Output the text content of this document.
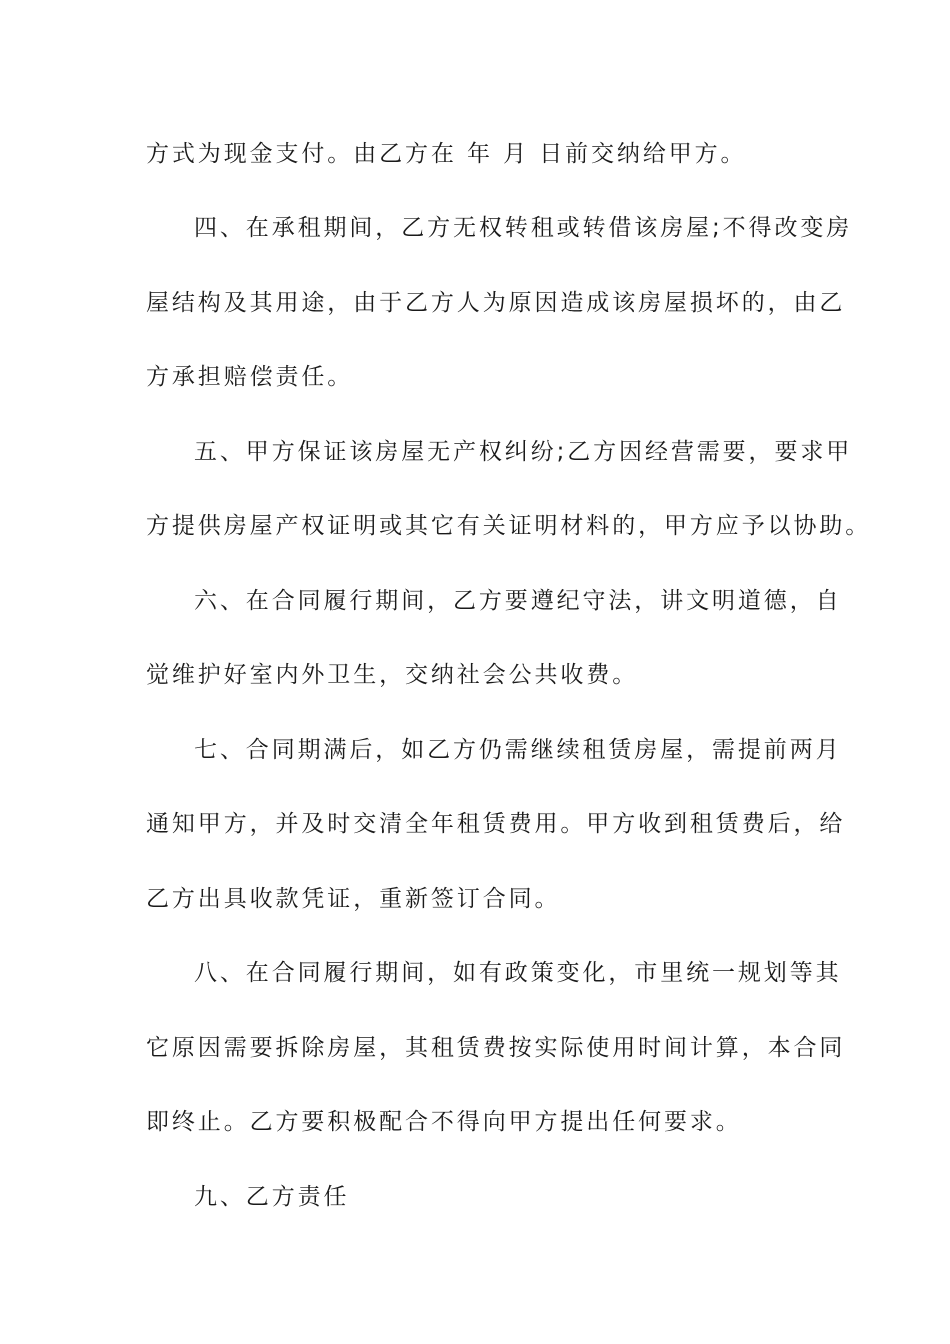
方式为现金支付。由乙方在 年 月 日前交纳给甲方。
四、在承租期间，乙方无权转租或转借该房屋;不得改变房
屋结构及其用途，由于乙方人为原因造成该房屋损坏的，由乙
方承担赔偿责任。
五、甲方保证该房屋无产权纠纷;乙方因经营需要，要求甲
方提供房屋产权证明或其它有关证明材料的，甲方应予以协助。
六、在合同履行期间，乙方要遵纪守法，讲文明道德，自
觉维护好室内外卫生，交纳社会公共收费。
七、合同期满后，如乙方仍需继续租赁房屋，需提前两月
通知甲方，并及时交清全年租赁费用。甲方收到租赁费后，给
乙方出具收款凭证，重新签订合同。
八、在合同履行期间，如有政策变化，市里统一规划等其
它原因需要拆除房屋，其租赁费按实际使用时间计算，本合同
即终止。乙方要积极配合不得向甲方提出任何要求。
九、乙方责任
